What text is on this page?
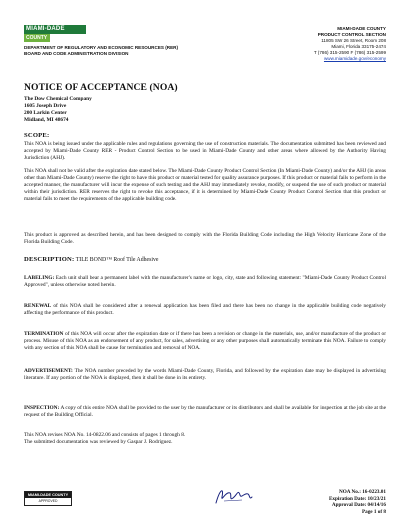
MIAMI-DADE
COUNTY
DEPARTMENT OF REGULATORY AND ECONOMIC RESOURCES (RER)
BOARD AND CODE ADMINISTRATION DIVISION
MIAMI-DADE COUNTY
PRODUCT CONTROL SECTION
11805 SW 26 Street, Room 208
Miami, Florida 33175-2474
T (786) 315-2590 F (786) 315-2599
www.miamidade.gov/economy
NOTICE OF ACCEPTANCE (NOA)
The Dow Chemical Company
1605 Joseph Drive
200 Larkin Center
Midland, MI 48674
SCOPE:
This NOA is being issued under the applicable rules and regulations governing the use of construction materials. The documentation submitted has been reviewed and accepted by Miami-Dade County RER - Product Control Section to be used in Miami-Dade County and other areas where allowed by the Authority Having Jurisdiction (AHJ).
This NOA shall not be valid after the expiration date stated below. The Miami-Dade County Product Control Section (In Miami-Dade County) and/or the AHJ (in areas other than Miami-Dade County) reserve the right to have this product or material tested for quality assurance purposes. If this product or material fails to perform in the accepted manner, the manufacturer will incur the expense of such testing and the AHJ may immediately revoke, modify, or suspend the use of such product or material within their jurisdiction. RER reserves the right to revoke this acceptance, if it is determined by Miami-Dade County Product Control Section that this product or material fails to meet the requirements of the applicable building code.
This product is approved as described herein, and has been designed to comply with the Florida Building Code including the High Velocity Hurricane Zone of the Florida Building Code.
DESCRIPTION: TILE BOND™ Roof Tile Adhesive
LABELING: Each unit shall bear a permanent label with the manufacturer's name or logo, city, state and following statement: "Miami-Dade County Product Control Approved", unless otherwise noted herein.
RENEWAL of this NOA shall be considered after a renewal application has been filed and there has been no change in the applicable building code negatively affecting the performance of this product.
TERMINATION of this NOA will occur after the expiration date or if there has been a revision or change in the materials, use, and/or manufacture of the product or process. Misuse of this NOA as an endorsement of any product, for sales, advertising or any other purposes shall automatically terminate this NOA. Failure to comply with any section of this NOA shall be cause for termination and removal of NOA.
ADVERTISEMENT: The NOA number preceded by the words Miami-Dade County, Florida, and followed by the expiration date may be displayed in advertising literature. If any portion of the NOA is displayed, then it shall be done in its entirety.
INSPECTION: A copy of this entire NOA shall be provided to the user by the manufacturer or its distributors and shall be available for inspection at the job site at the request of the Building Official.
This NOA revises NOA No. 14-0822.06 and consists of pages 1 through 8.
The submitted documentation was reviewed by Gaspar J. Rodriguez.
MIAMI-DADE COUNTY
APPROVED
NOA No.: 16-0223.01
Expiration Date: 10/23/21
Approval Date: 04/14/16
Page 1 of 8
